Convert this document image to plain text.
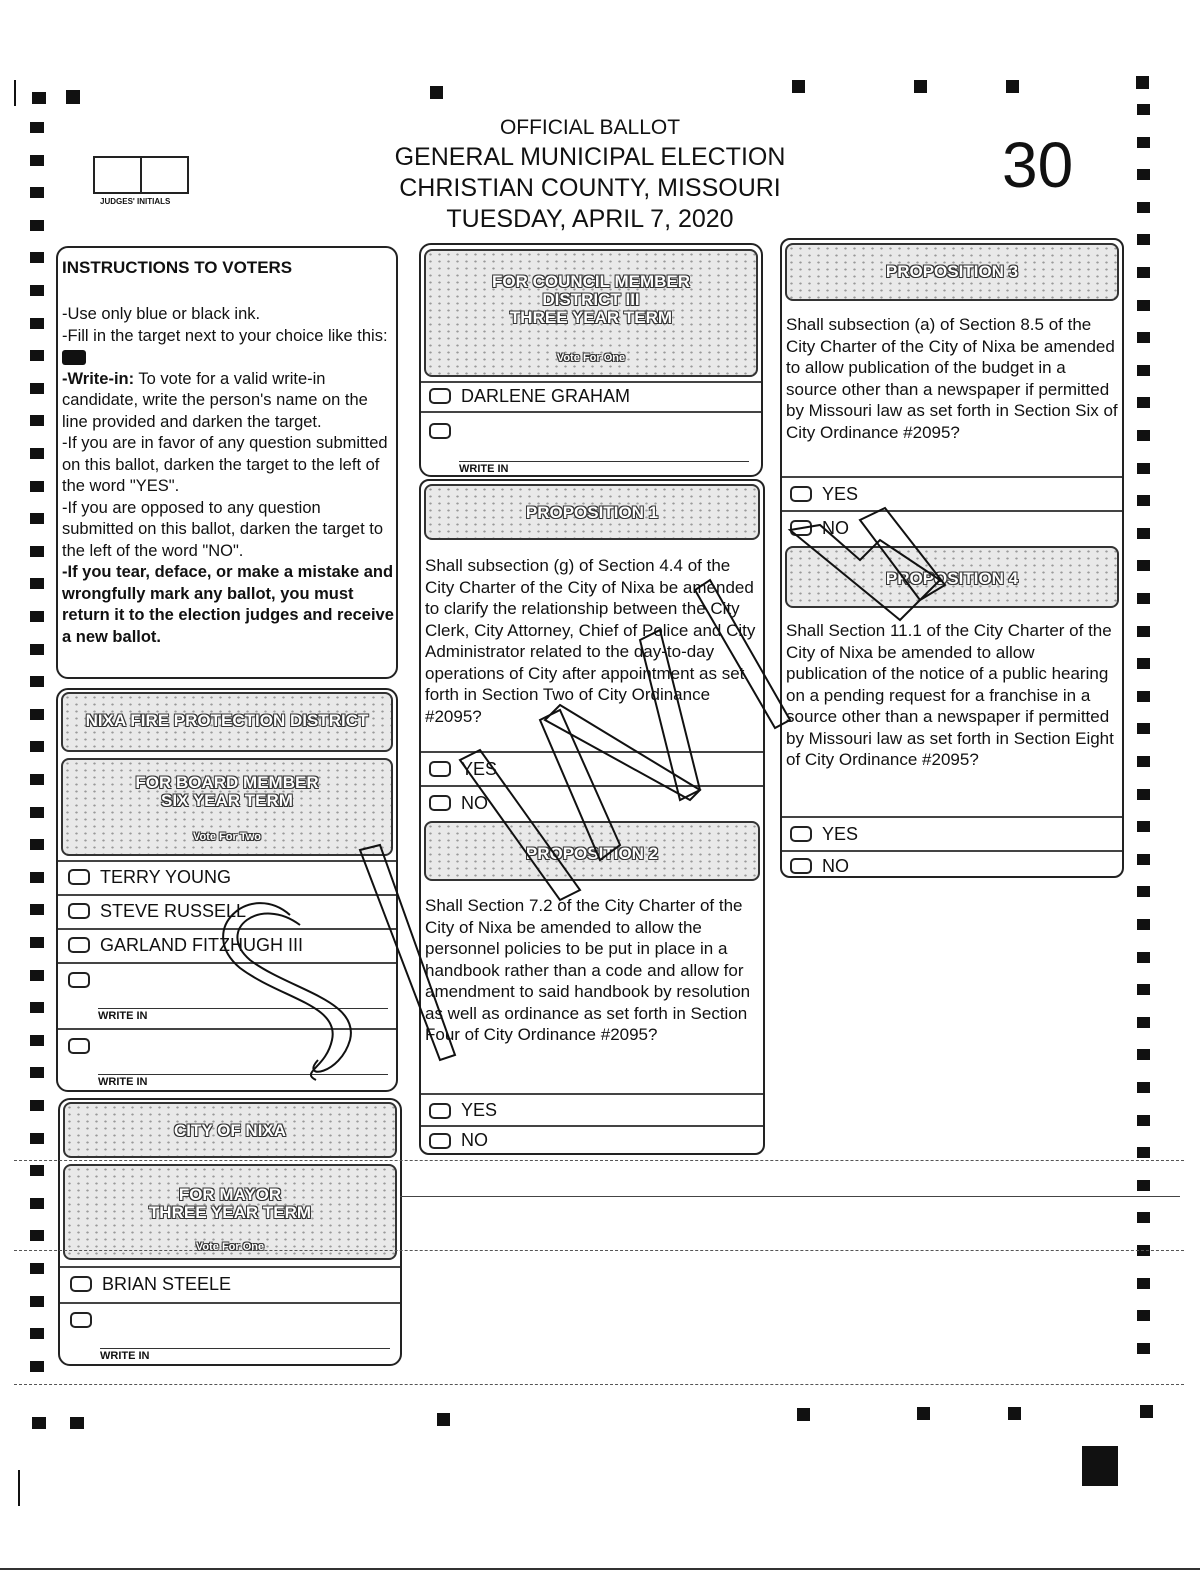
JUDGES' INITIALS
OFFICIAL BALLOT
GENERAL MUNICIPAL ELECTION
CHRISTIAN COUNTY, MISSOURI
TUESDAY, APRIL 7, 2020
30
INSTRUCTIONS TO VOTERS

-Use only blue or black ink.

-Fill in the target next to your choice like this:

-Write-in: To vote for a valid write-in candidate, write the person's name on the line provided and darken the target.

-If you are in favor of any question submitted on this ballot, darken the target to the left of the word "YES".

-If you are opposed to any question submitted on this ballot, darken the target to the left of the word "NO".

-If you tear, deface, or make a mistake and wrongfully mark any ballot, you must return it to the election judges and receive a new ballot.

NIXA FIRE PROTECTION DISTRICT
FOR BOARD MEMBER
SIX YEAR TERM
Vote For Two
TERRY YOUNG
STEVE RUSSELL
GARLAND FITZHUGH III
WRITE IN
WRITE IN
CITY OF NIXA
FOR MAYOR
THREE YEAR TERM
Vote For One
BRIAN STEELE
WRITE IN
FOR COUNCIL MEMBER
DISTRICT III
THREE YEAR TERM
Vote For One
DARLENE GRAHAM
WRITE IN
PROPOSITION 1
Shall subsection (g) of Section 4.4 of the City Charter of the City of Nixa be amended to clarify the relationship between the City Clerk, City Attorney, Chief of Police and City Administrator related to the day-to-day operations of City after appointment as set forth in Section Two of City Ordinance #2095?
YES
NO
PROPOSITION 2
Shall Section 7.2 of the City Charter of the City of Nixa be amended to allow the personnel policies to be put in place in a handbook rather than a code and allow for amendment to said handbook by resolution as well as ordinance as set forth in Section Four of City Ordinance #2095?
YES
NO
PROPOSITION 3
Shall subsection (a) of Section 8.5 of the City Charter of the City of Nixa be amended to allow publication of the budget in a source other than a newspaper if permitted by Missouri law as set forth in Section Six of City Ordinance #2095?
YES
NO
PROPOSITION 4
Shall Section 11.1 of the City Charter of the City of Nixa be amended to allow publication of the notice of a public hearing on a pending request for a franchise in a source other than a newspaper if permitted by Missouri law as set forth in Section Eight of City Ordinance #2095?
YES
NO
